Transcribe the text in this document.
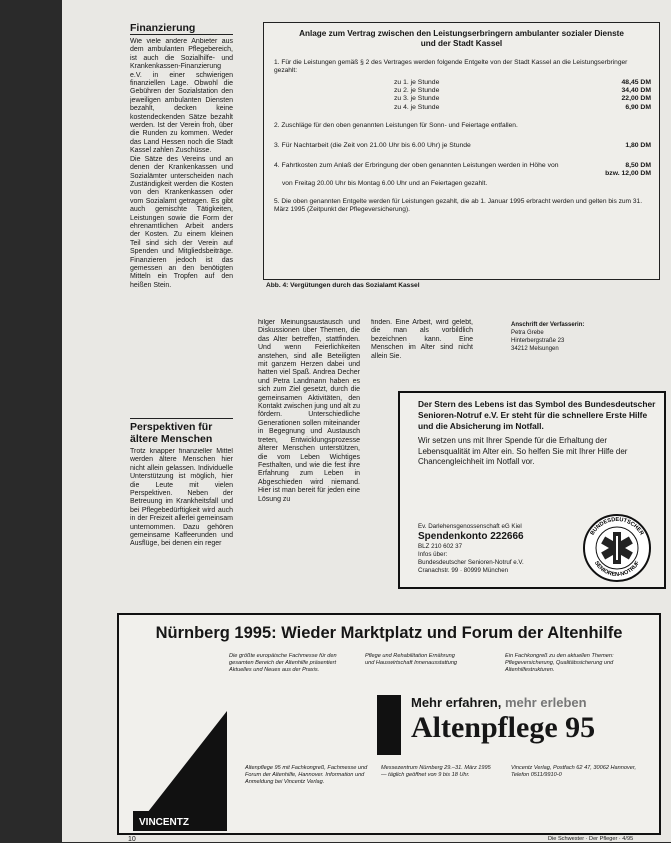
Finanzierung
Wie viele andere Anbieter aus dem ambulanten Pflegebereich, ist auch die Sozialhilfe- und Krankenkassen-Finanzierung e.V. in einer schwierigen finanziellen Lage. Obwohl die Gebühren der Sozialstation den jeweiligen ambulanten Diensten bezahlt, decken keine kostendeckenden Sätze bezahlt werden. Ist der Verein froh, über die Runden zu kommen. Weder das Land Hessen noch die Stadt Kassel zahlen Zuschüsse.
Die Sätze des Vereins und an denen der Krankenkassen und Sozialämter unterscheiden nach Zuständigkeit werden die Kosten von den Krankenkassen oder vom Sozialamt getragen. Es gibt auch gemischte Tätigkeiten, Leistungen sowie die Form der ehrenamtlichen Arbeit anders der Kosten. Zu einem kleinen Teil sind sich der Verein auf Spenden und Mitgliedsbeiträge. Finanzieren jedoch ist das gemessen an den benötigten Mitteln ein Tropfen auf den heißen Stein.
Perspektiven für ältere Menschen
Trotz knapper finanzieller Mittel werden ältere Menschen hier nicht allein gelassen. Individuelle Unterstützung ist möglich, hier die Leute mit vielen Perspektiven. Neben der Betreuung im Krankheitsfall und bei Pflegebedürftigkeit wird auch in der Freizeit allerlei gemeinsam unternommen. Dazu gehören gemeinsame Kaffeerunden und Ausflüge, bei denen ein reger
Anlage zum Vertrag zwischen den Leistungserbringern ambulanter sozialer Dienste und der Stadt Kassel
1. Für die Leistungen gemäß § 2 des Vertrages werden folgende Entgelte von der Stadt Kassel an die Leistungserbringer gezahlt:
zu 1. je Stunde	48,45 DM
zu 2. je Stunde	34,40 DM
zu 3. je Stunde	22,00 DM
zu 4. je Stunde	6,90 DM
2. Zuschläge für den oben genannten Leistungen für Sonn- und Feiertage entfallen.
3. Für Nachtarbeit (die Zeit von 21.00 Uhr bis 6.00 Uhr) je Stunde	1,80 DM
4. Fahrtkosten zum Anlaß der Erbringung der oben genannten Leistungen werden in Höhe von	8,50 DM
bzw. 12,00 DM
von Freitag 20.00 Uhr bis Montag 6.00 Uhr und an Feiertagen gezahlt.
5. Die oben genannten Entgelte werden für Leistungen gezahlt, die ab 1. Januar 1995 erbracht werden und gelten bis zum 31. März 1995 (Zeitpunkt der Pflegeversicherung).
Abb. 4: Vergütungen durch das Sozialamt Kassel
hilger Meinungsaustausch und Diskussionen über Themen, die das Alter betreffen, stattfinden. Und wenn Feierlichkeiten anstehen, sind alle Beteiligten mit ganzem Herzen dabei und hatten viel Spaß. Andrea Decher und Petra Landmann haben es sich zum Ziel gesetzt, durch die gemeinsamen Aktivitäten, den Kontakt zwischen jung und alt zu fördern. Unterschiedliche Generationen sollen miteinander in Begegnung und Austausch treten, Entwicklungsprozesse älterer Menschen unterstützen, die vom Leben Wichtiges Festhalten, und wie die fest ihre Erfahrung zum Leben in Abgeschieden wird niemand. Hier ist man bereit für jeden eine Lösung zu
finden. Eine Arbeit, wird gelebt, die man als vorbildlich bezeichnen kann. Eine Menschen im Alter sind nicht allein Sie.
Anschrift der Verfasserin:
Petra Grebe
Hinterbergstraße 23
34212 Melsungen
Der Stern des Lebens ist das Symbol des Bundesdeutscher Senioren-Notruf e.V. Er steht für die schnellere Erste Hilfe und die Absicherung im Notfall.
Wir setzen uns mit Ihrer Spende für die Erhaltung der Lebensqualität im Alter ein. So helfen Sie mit Ihrer Hilfe der Chancengleichheit im Notfall vor.
Ev. Darlehensgenossenschaft eG Kiel
Spendenkonto 222666
BLZ 210 602 37
Infos über:
Bundesdeutscher Senioren-Notruf e.V.
Cranachstr. 99 · 80999 München
BUNDESDEUTSCHER
SENIOREN-NOTRUF
Nürnberg 1995: Wieder Marktplatz und Forum der Altenhilfe
Die größte europäische Fachmesse für den gesamten Bereich der Altenhilfe präsentiert Aktuelles und Neues aus der Praxis.
Pflege und Rehabilitation Ernährung und Hauswirtschaft Innenausstattung
Ein Fachkongreß zu den aktuellen Themen: Pflegeversicherung, Qualitätssicherung und Altenhilfestrukturen.
Mehr erfahren, mehr erleben
Altenpflege 95
VINCENTZ
Altenpflege 95 mit Fachkongreß, Fachmesse und Forum der Altenhilfe, Hannover. Information und Anmeldung bei Vincentz Verlag.
Messezentrum Nürnberg 29.–31. März 1995 — täglich geöffnet von 9 bis 18 Uhr.
Vincentz Verlag, Postfach 62 47, 30062 Hannover, Telefon 0511/9910-0
10	Die Schwester · Der Pfleger · 4/95
